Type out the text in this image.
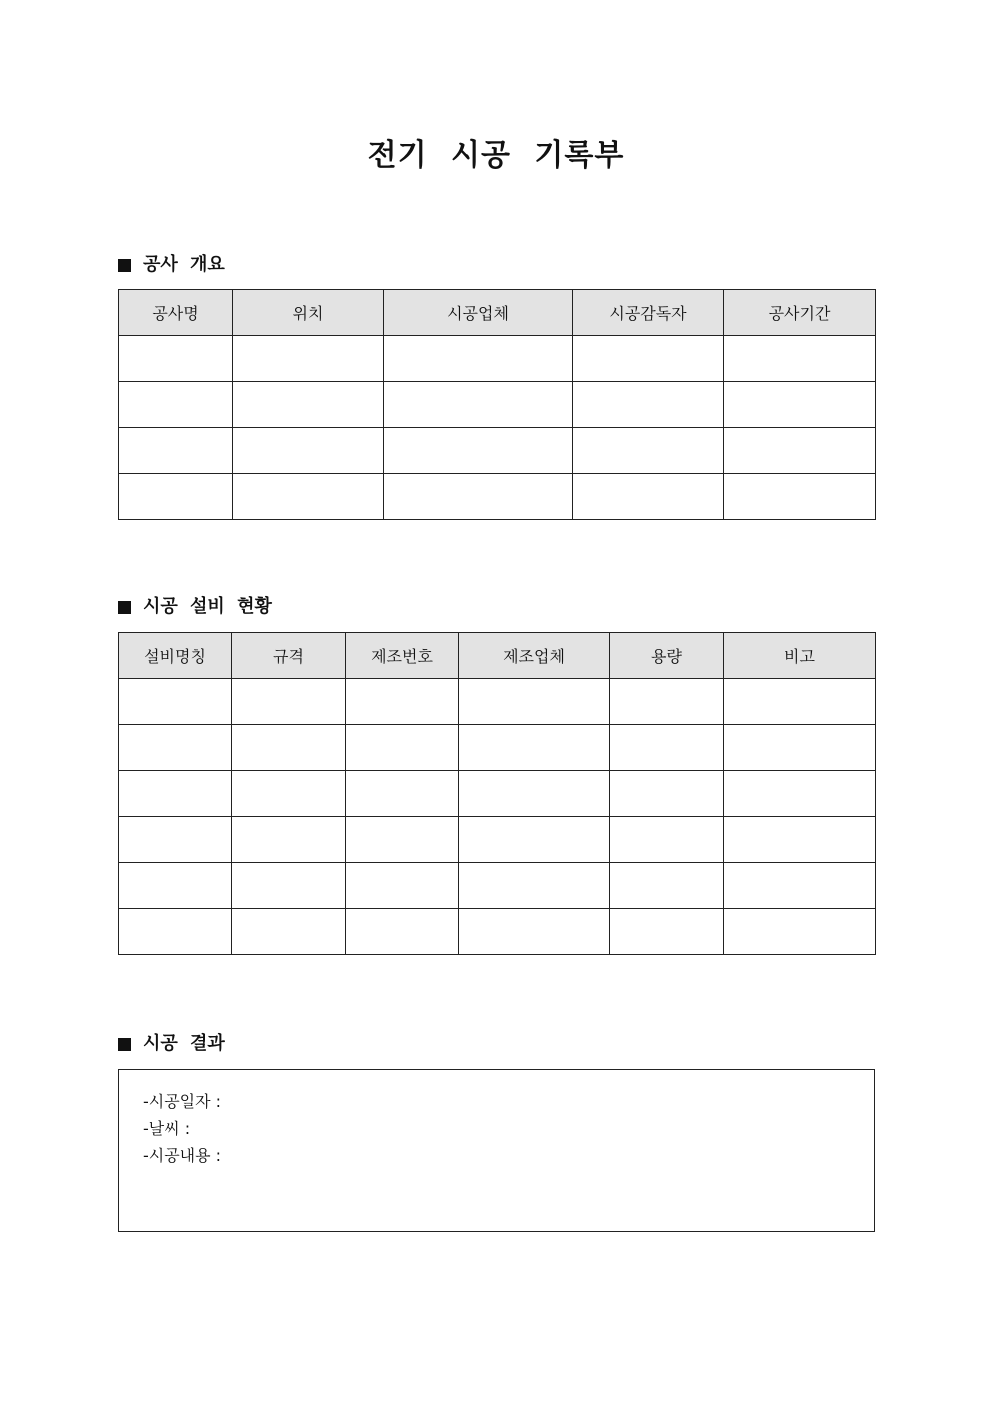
전기 시공 기록부
공사 개요
공사명	위치	시공업체	시공감독자	공사기간

시공 설비 현황
설비명칭	규격	제조번호	제조업체	용량	비고

시공 결과
-시공일자 :
-날씨 :
-시공내용 :
